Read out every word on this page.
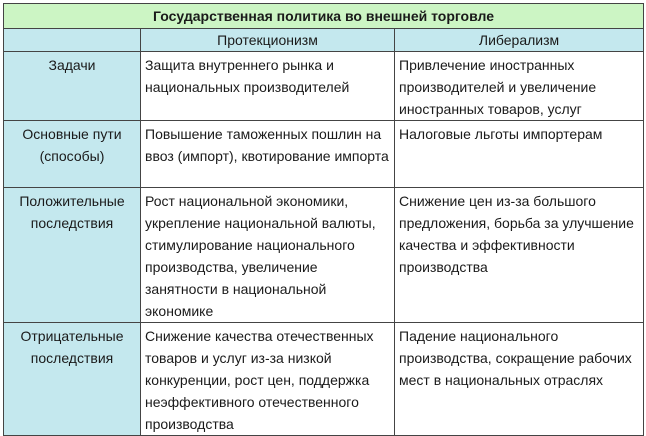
Государственная политика во внешней торговле		
	Протекционизм	Либерализм
Задачи	Защита внутреннего рынка и национальных производителей	Привлечение иностранных производителей и увеличение иностранных товаров, услуг
Основные пути (способы)	Повышение таможенных пошлин на ввоз (импорт), квотирование импорта	Налоговые льготы импортерам
Положительные последствия	Рост национальной экономики, укрепление национальной валюты, стимулирование национального производства, увеличение занятности в национальной экономике	Снижение цен из-за большого предложения, борьба за улучшение качества и эффективности производства
Отрицательные последствия	Снижение качества отечественных товаров и услуг из-за низкой конкуренции, рост цен, поддержка неэффективного отечественного производства	Падение национального производства, сокращение рабочих мест в национальных отраслях
